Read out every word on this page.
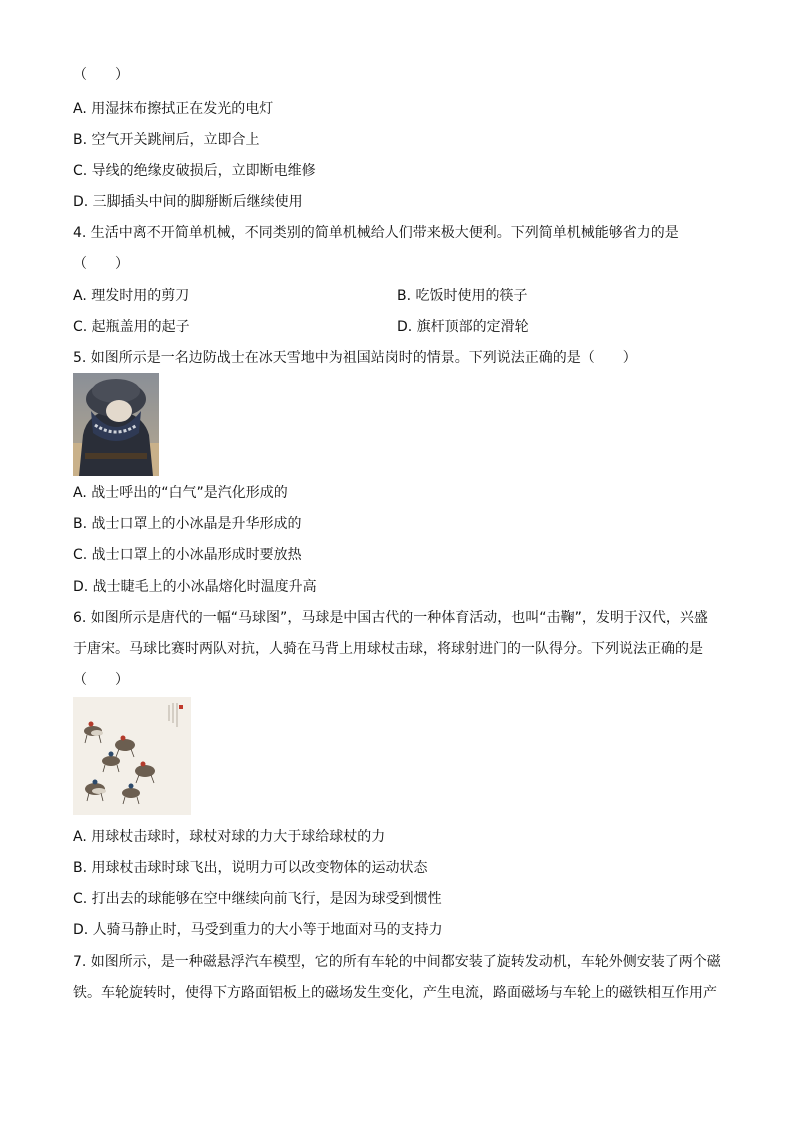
（　　）
A. 用湿抹布擦拭正在发光的电灯
B. 空气开关跳闸后，立即合上
C. 导线的绝缘皮破损后，立即断电维修
D. 三脚插头中间的脚掰断后继续使用
4. 生活中离不开简单机械，不同类别的简单机械给人们带来极大便利。下列简单机械能够省力的是
（　　）
A. 理发时用的剪刀	B. 吃饭时使用的筷子
C. 起瓶盖用的起子	D. 旗杆顶部的定滑轮
5. 如图所示是一名边防战士在冰天雪地中为祖国站岗时的情景。下列说法正确的是（　　）
A. 战士呼出的“白气”是汽化形成的
B. 战士口罩上的小冰晶是升华形成的
C. 战士口罩上的小冰晶形成时要放热
D. 战士睫毛上的小冰晶熔化时温度升高
6. 如图所示是唐代的一幅“马球图”，马球是中国古代的一种体育活动，也叫“击鞠”，发明于汉代，兴盛
于唐宋。马球比赛时两队对抗，人骑在马背上用球杖击球，将球射进门的一队得分。下列说法正确的是
（　　）
A. 用球杖击球时，球杖对球的力大于球给球杖的力
B. 用球杖击球时球飞出，说明力可以改变物体的运动状态
C. 打出去的球能够在空中继续向前飞行，是因为球受到惯性
D. 人骑马静止时，马受到重力的大小等于地面对马的支持力
7. 如图所示，是一种磁悬浮汽车模型，它的所有车轮的中间都安装了旋转发动机，车轮外侧安装了两个磁
铁。车轮旋转时，使得下方路面铝板上的磁场发生变化，产生电流，路面磁场与车轮上的磁铁相互作用产
